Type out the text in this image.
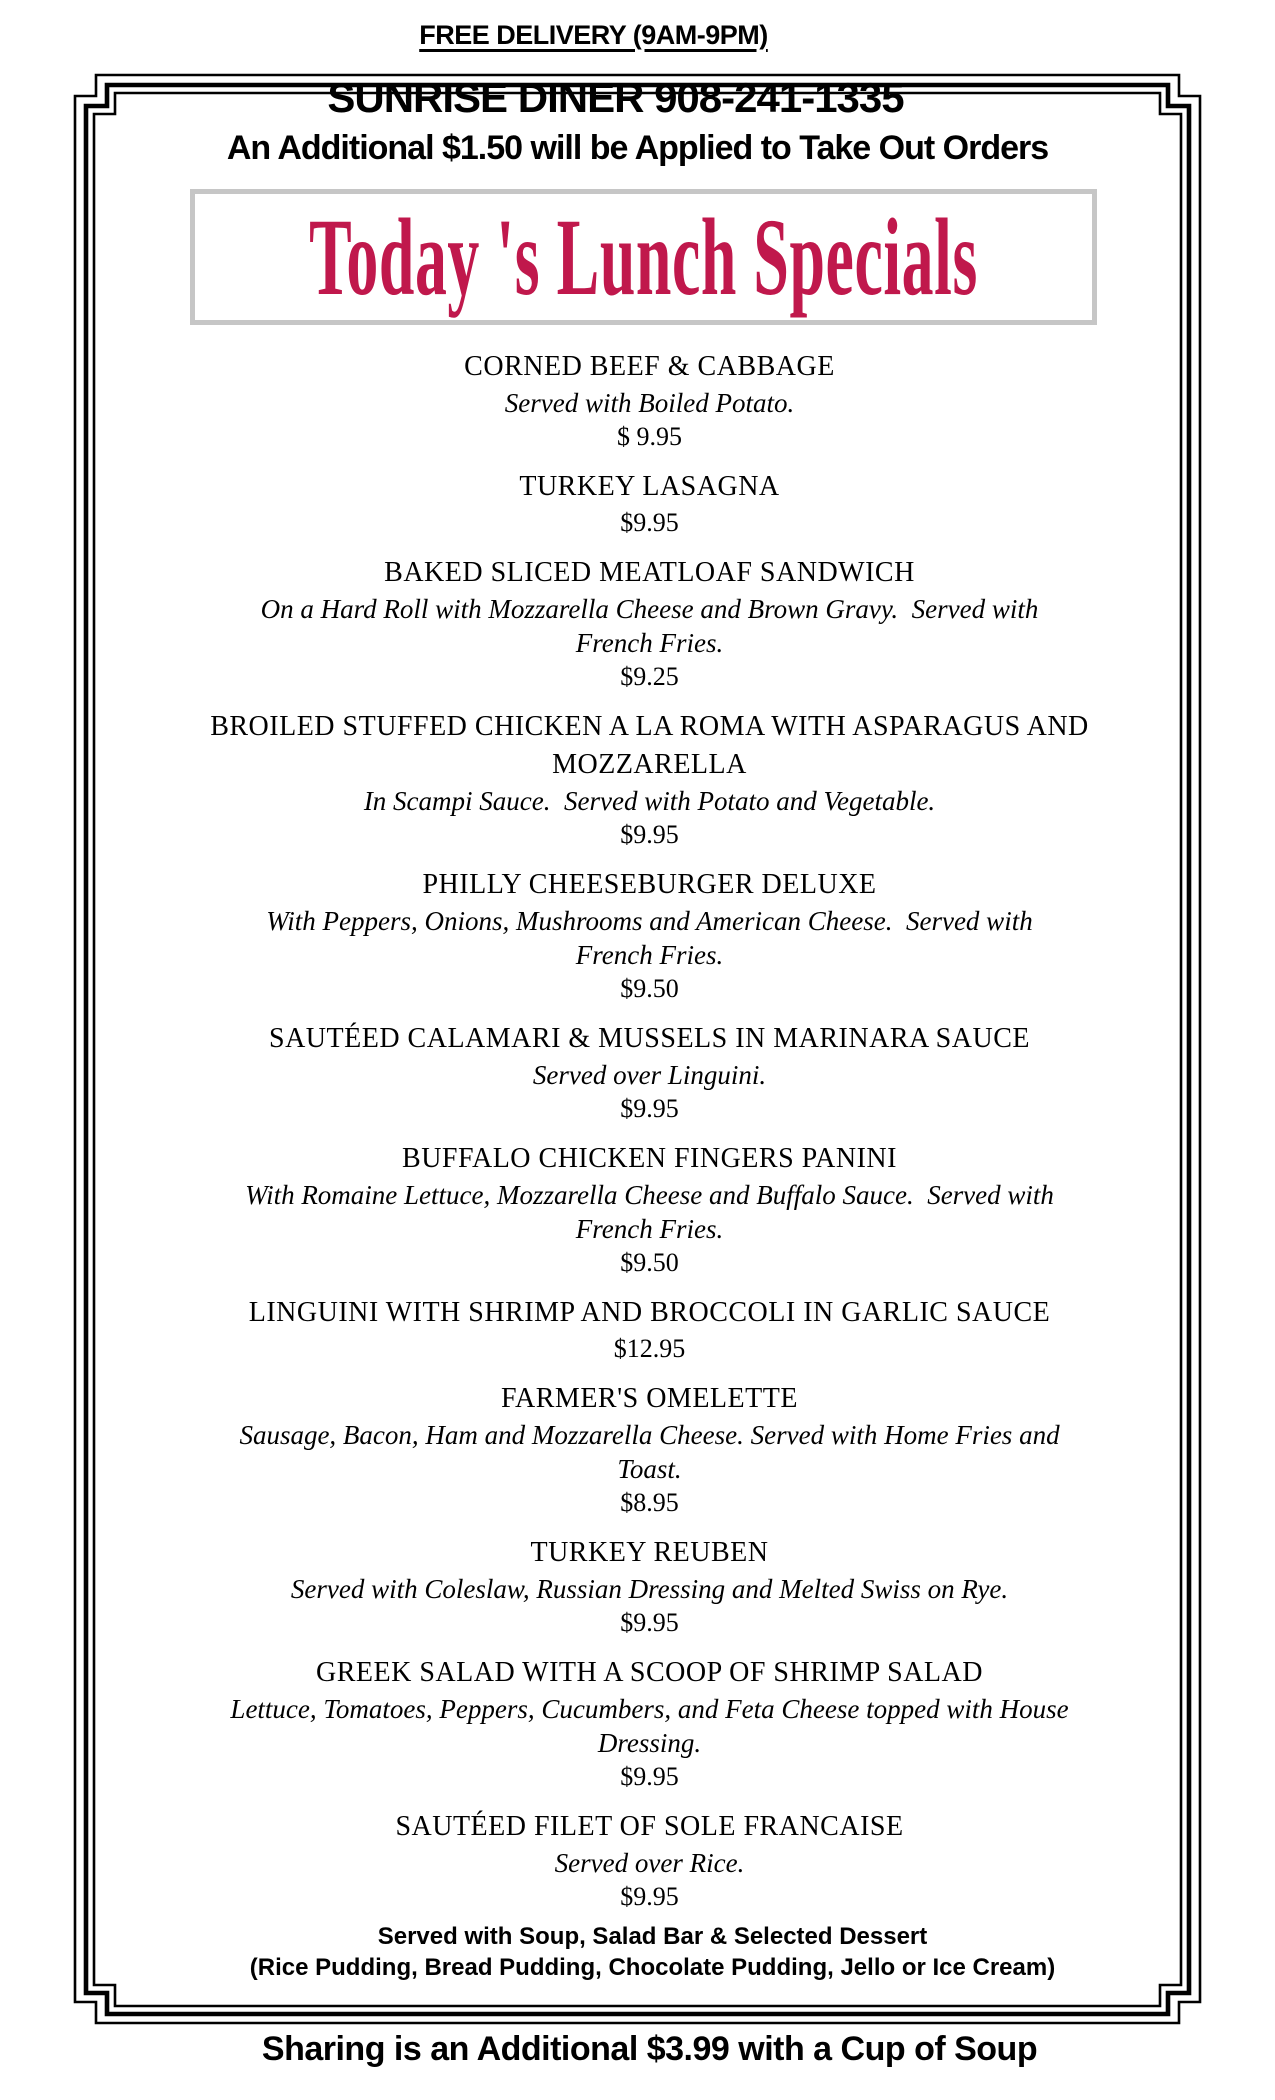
FREE DELIVERY (9AM-9PM)
SUNRISE DINER 908-241-1335
An Additional $1.50 will be Applied to Take Out Orders
Today 's Lunch Specials
CORNED BEEF & CABBAGE
Served with Boiled Potato.
$ 9.95
TURKEY LASAGNA
$9.95
BAKED SLICED MEATLOAF SANDWICH
On a Hard Roll with Mozzarella Cheese and Brown Gravy.  Served with French Fries.
$9.25
BROILED STUFFED CHICKEN A LA ROMA WITH ASPARAGUS AND MOZZARELLA
In Scampi Sauce.  Served with Potato and Vegetable.
$9.95
PHILLY CHEESEBURGER DELUXE
With Peppers, Onions, Mushrooms and American Cheese.  Served with French Fries.
$9.50
SAUTÉED CALAMARI & MUSSELS IN MARINARA SAUCE
Served over Linguini.
$9.95
BUFFALO CHICKEN FINGERS PANINI
With Romaine Lettuce, Mozzarella Cheese and Buffalo Sauce.  Served with French Fries.
$9.50
LINGUINI WITH SHRIMP AND BROCCOLI IN GARLIC SAUCE
$12.95
FARMER'S OMELETTE
Sausage, Bacon, Ham and Mozzarella Cheese. Served with Home Fries and Toast.
$8.95
TURKEY REUBEN
Served with Coleslaw, Russian Dressing and Melted Swiss on Rye.
$9.95
GREEK SALAD WITH A SCOOP OF SHRIMP SALAD
Lettuce, Tomatoes, Peppers, Cucumbers, and Feta Cheese topped with House Dressing.
$9.95
SAUTÉED FILET OF SOLE FRANCAISE
Served over Rice.
$9.95
Served with Soup, Salad Bar & Selected Dessert
(Rice Pudding, Bread Pudding, Chocolate Pudding, Jello or Ice Cream)
Sharing is an Additional $3.99 with a Cup of Soup
